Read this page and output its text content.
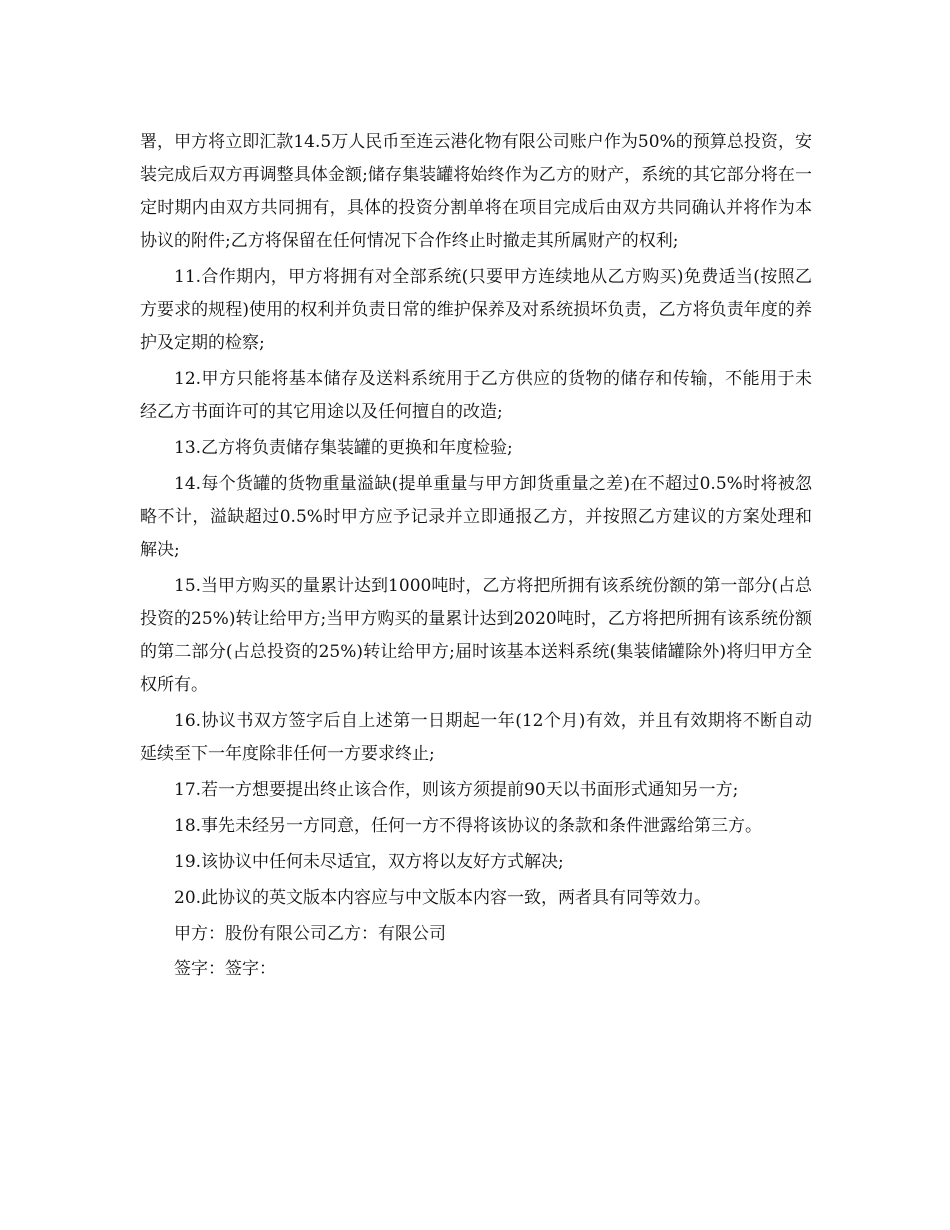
署，甲方将立即汇款14.5万人民币至连云港化物有限公司账户作为50%的预算总投资，安装完成后双方再调整具体金额;储存集装罐将始终作为乙方的财产，系统的其它部分将在一定时期内由双方共同拥有，具体的投资分割单将在项目完成后由双方共同确认并将作为本协议的附件;乙方将保留在任何情况下合作终止时撤走其所属财产的权利;

11.合作期内，甲方将拥有对全部系统(只要甲方连续地从乙方购买)免费适当(按照乙方要求的规程)使用的权利并负责日常的维护保养及对系统损坏负责，乙方将负责年度的养护及定期的检察;

12.甲方只能将基本储存及送料系统用于乙方供应的货物的储存和传输，不能用于未经乙方书面许可的其它用途以及任何擅自的改造;

13.乙方将负责储存集装罐的更换和年度检验;

14.每个货罐的货物重量溢缺(提单重量与甲方卸货重量之差)在不超过0.5%时将被忽略不计，溢缺超过0.5%时甲方应予记录并立即通报乙方，并按照乙方建议的方案处理和解决;

15.当甲方购买的量累计达到1000吨时，乙方将把所拥有该系统份额的第一部分(占总投资的25%)转让给甲方;当甲方购买的量累计达到2020吨时，乙方将把所拥有该系统份额的第二部分(占总投资的25%)转让给甲方;届时该基本送料系统(集装储罐除外)将归甲方全权所有。

16.协议书双方签字后自上述第一日期起一年(12个月)有效，并且有效期将不断自动延续至下一年度除非任何一方要求终止;

17.若一方想要提出终止该合作，则该方须提前90天以书面形式通知另一方;

18.事先未经另一方同意，任何一方不得将该协议的条款和条件泄露给第三方。

19.该协议中任何未尽适宜，双方将以友好方式解决;

20.此协议的英文版本内容应与中文版本内容一致，两者具有同等效力。

甲方：股份有限公司乙方：有限公司

签字：签字：
